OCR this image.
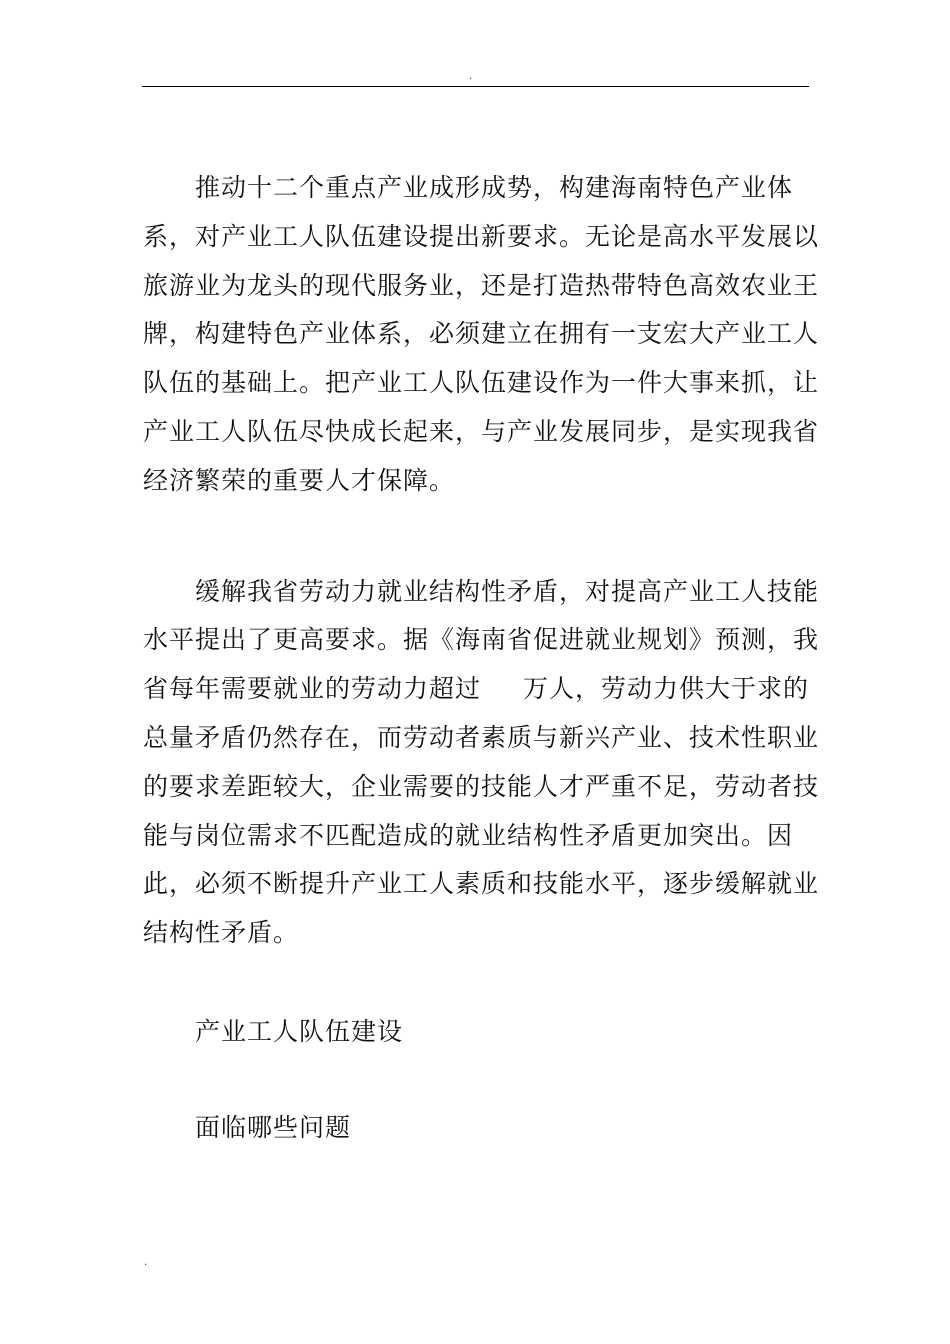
.

推动十二个重点产业成形成势，构建海南特色产业体系，对产业工人队伍建设提出新要求。无论是高水平发展以旅游业为龙头的现代服务业，还是打造热带特色高效农业王牌，构建特色产业体系，必须建立在拥有一支宏大产业工人队伍的基础上。把产业工人队伍建设作为一件大事来抓，让产业工人队伍尽快成长起来，与产业发展同步，是实现我省经济繁荣的重要人才保障。

缓解我省劳动力就业结构性矛盾，对提高产业工人技能水平提出了更高要求。据《海南省促进就业规划》预测，我省每年需要就业的劳动力超过 万人，劳动力供大于求的总量矛盾仍然存在，而劳动者素质与新兴产业、技术性职业的要求差距较大，企业需要的技能人才严重不足，劳动者技能与岗位需求不匹配造成的就业结构性矛盾更加突出。因此，必须不断提升产业工人素质和技能水平，逐步缓解就业结构性矛盾。

产业工人队伍建设

面临哪些问题

.
